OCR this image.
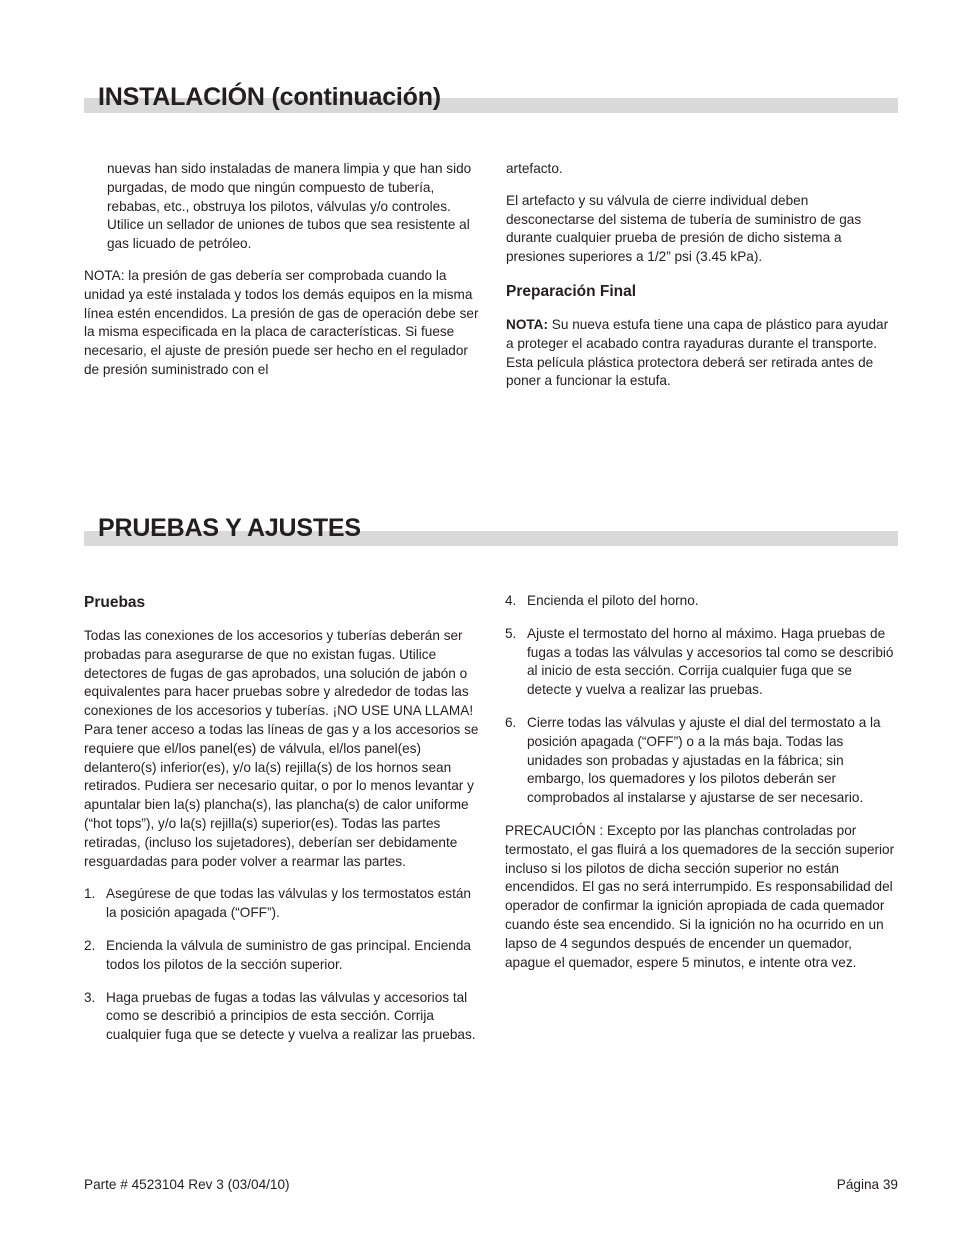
INSTALACIÓN (continuación)

nuevas han sido instaladas de manera limpia y que han sido purgadas, de modo que ningún compuesto de tubería, rebabas, etc., obstruya los pilotos, válvulas y/o controles. Utilice un sellador de uniones de tubos que sea resistente al gas licuado de petróleo.

NOTA: la presión de gas debería ser comprobada cuando la unidad ya esté instalada y todos los demás equipos en la misma línea estén encendidos. La presión de gas de operación debe ser la misma especificada en la placa de características. Si fuese necesario, el ajuste de presión puede ser hecho en el regulador de presión suministrado con el

artefacto.

El artefacto y su válvula de cierre individual deben desconectarse del sistema de tubería de suministro de gas durante cualquier prueba de presión de dicho sistema a presiones superiores a 1/2” psi (3.45 kPa).

Preparación Final

NOTA: Su nueva estufa tiene una capa de plástico para ayudar a proteger el acabado contra rayaduras durante el transporte. Esta película plástica protectora deberá ser retirada antes de poner a funcionar la estufa.

PRUEBAS Y AJUSTES
Pruebas

Todas las conexiones de los accesorios y tuberías deberán ser probadas para asegurarse de que no existan fugas. Utilice detectores de fugas de gas aprobados, una solución de jabón o equivalentes para hacer pruebas sobre y alrededor de todas las conexiones de los accesorios y tuberías. ¡NO USE UNA LLAMA! Para tener acceso a todas las líneas de gas y a los accesorios se requiere que el/los panel(es) de válvula, el/los panel(es) delantero(s) inferior(es), y/o la(s) rejilla(s) de los hornos sean retirados. Pudiera ser necesario quitar, o por lo menos levantar y apuntalar bien la(s) plancha(s), las plancha(s) de calor uniforme (“hot tops”), y/o la(s) rejilla(s) superior(es). Todas las partes retiradas, (incluso los sujetadores), deberían ser debidamente resguardadas para poder volver a rearmar las partes.

1. Asegúrese de que todas las válvulas y los termostatos están la posición apagada (“OFF”).
2. Encienda la válvula de suministro de gas principal. Encienda todos los pilotos de la sección superior.
3. Haga pruebas de fugas a todas las válvulas y accesorios tal como se describió a principios de esta sección. Corrija cualquier fuga que se detecte y vuelva a realizar las pruebas.
4. Encienda el piloto del horno.
5. Ajuste el termostato del horno al máximo. Haga pruebas de fugas a todas las válvulas y accesorios tal como se describió al inicio de esta sección. Corrija cualquier fuga que se detecte y vuelva a realizar las pruebas.
6. Cierre todas las válvulas y ajuste el dial del termostato a la posición apagada (“OFF”) o a la más baja. Todas las unidades son probadas y ajustadas en la fábrica; sin embargo, los quemadores y los pilotos deberán ser comprobados al instalarse y ajustarse de ser necesario.

PRECAUCIÓN : Excepto por las planchas controladas por termostato, el gas fluirá a los quemadores de la sección superior incluso si los pilotos de dicha sección superior no están encendidos. El gas no será interrumpido. Es responsabilidad del operador de confirmar la ignición apropiada de cada quemador cuando éste sea encendido. Si la ignición no ha ocurrido en un lapso de 4 segundos después de encender un quemador, apague el quemador, espere 5 minutos, e intente otra vez.

Parte # 4523104 Rev 3 (03/04/10)	Página 39
